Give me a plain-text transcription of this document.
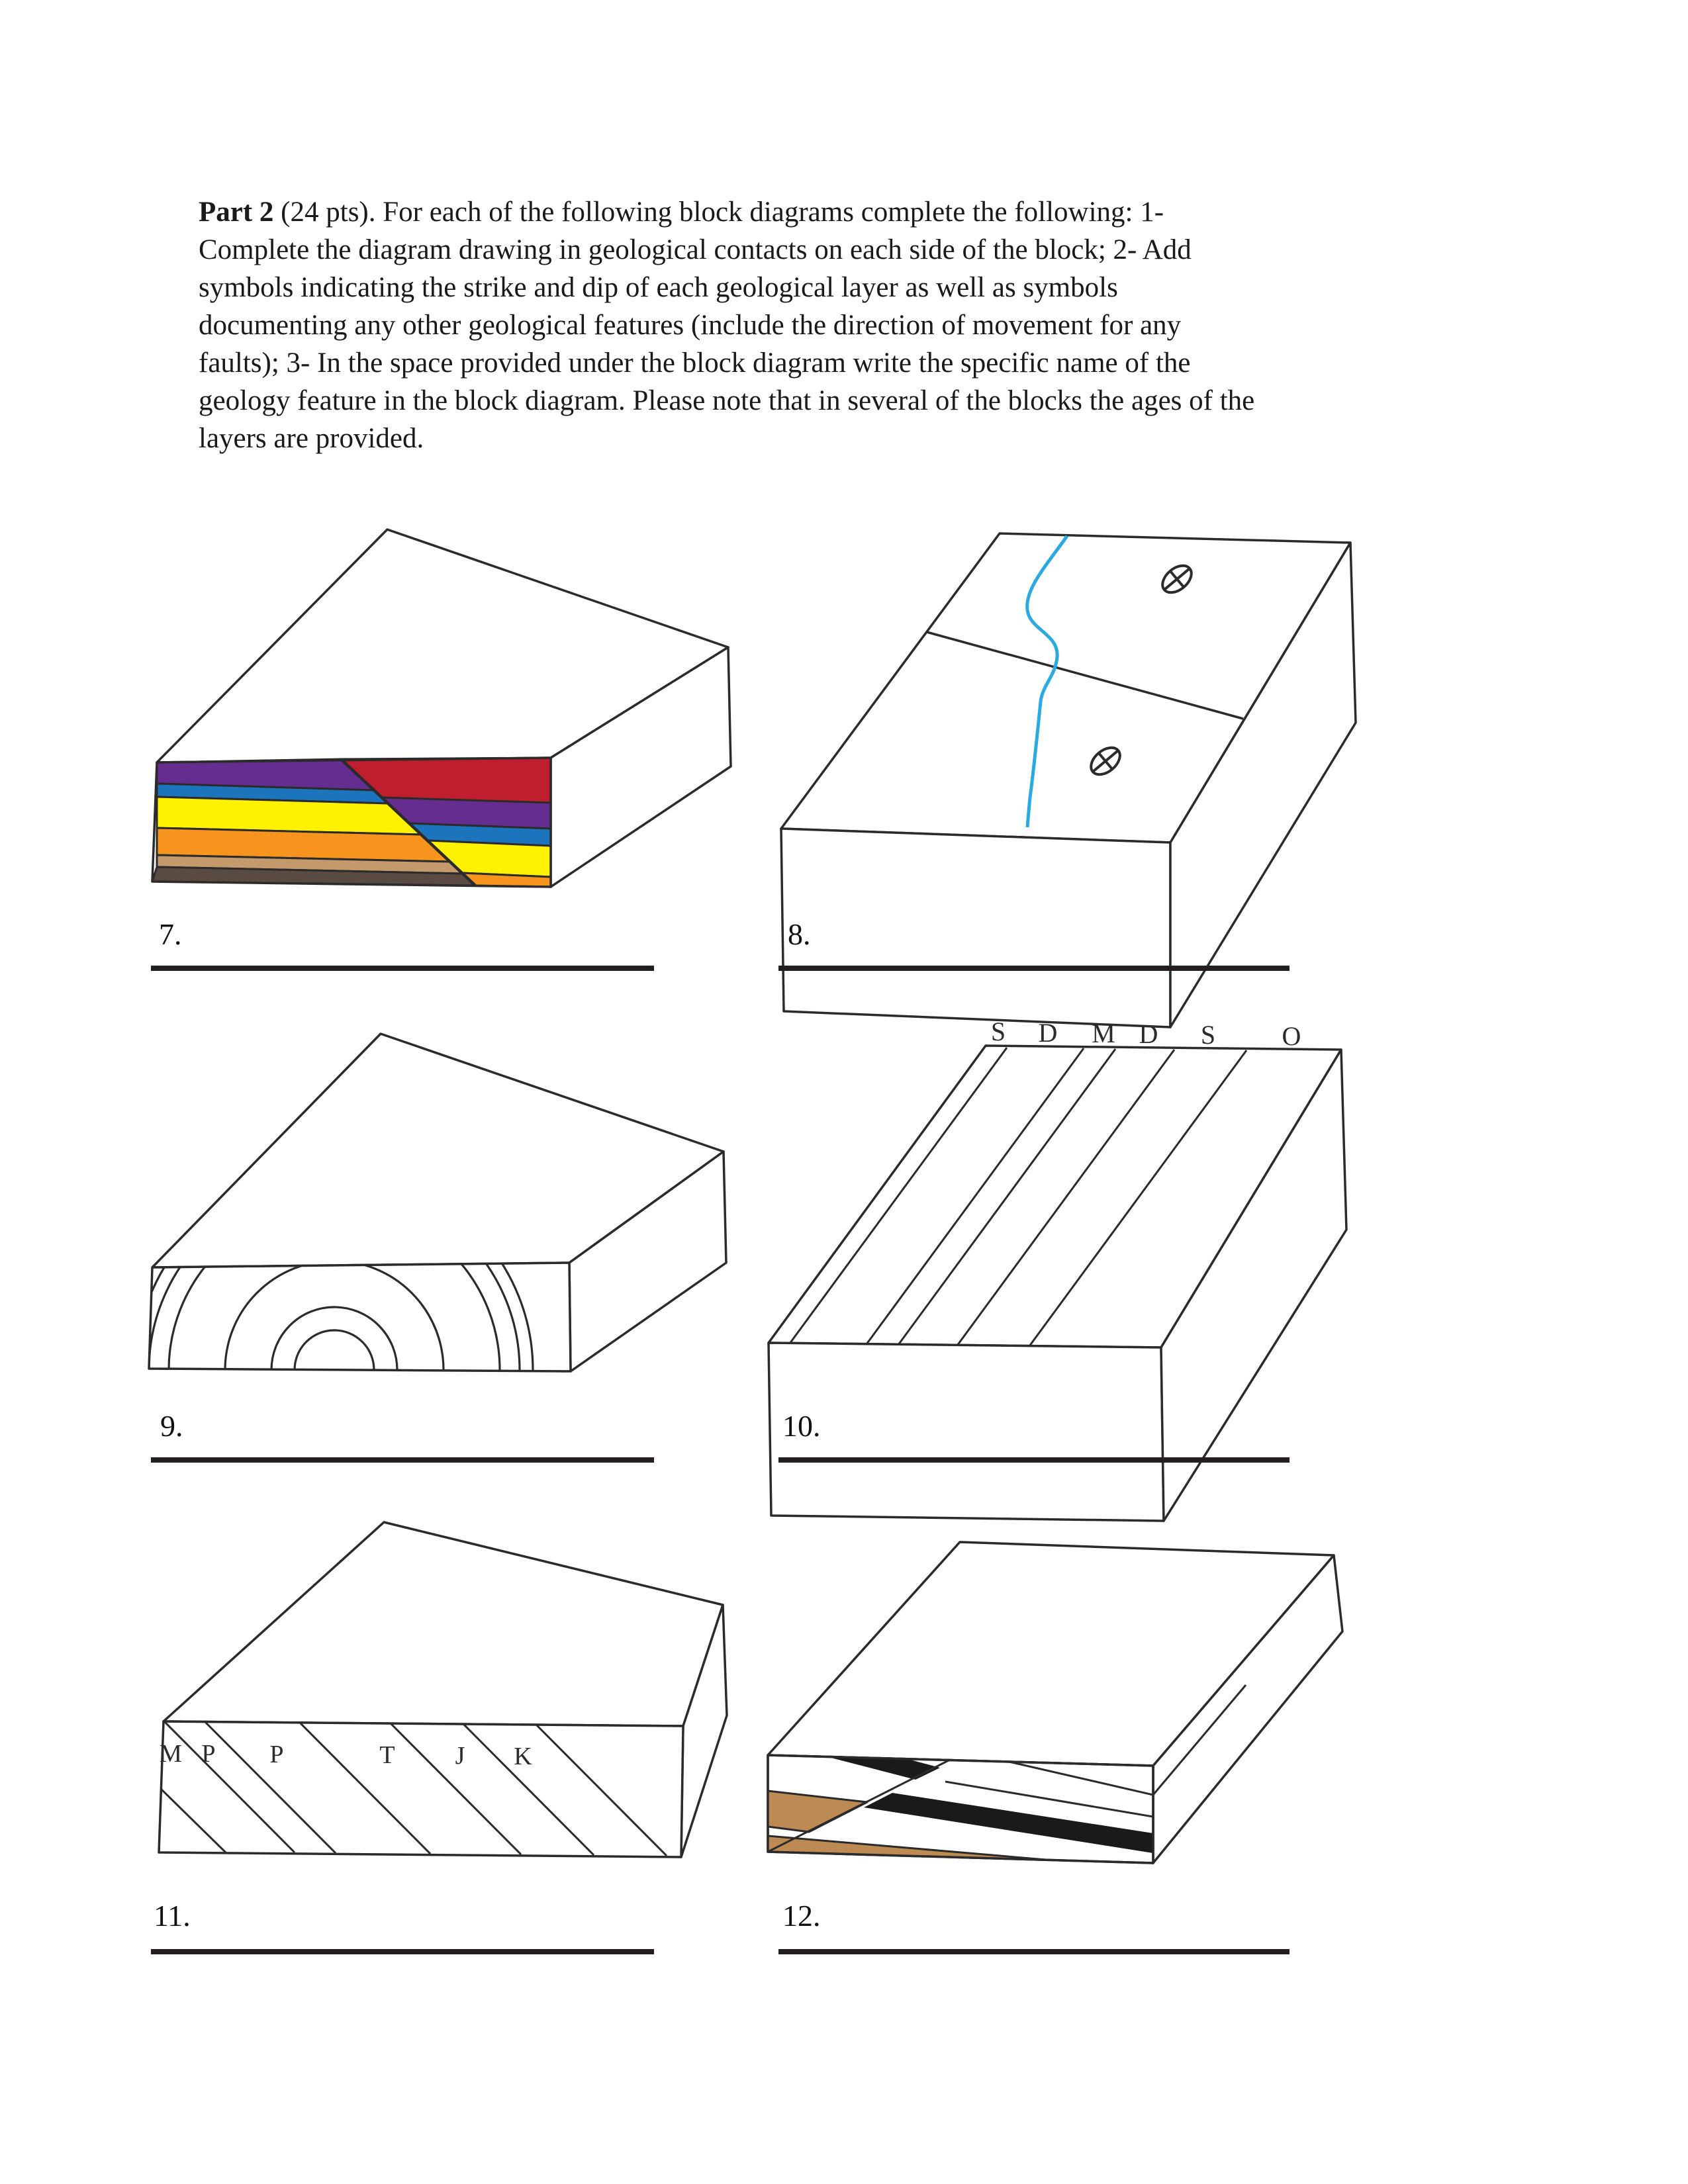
Part 2 (24 pts). For each of the following block diagrams complete the following: 1-
Complete the diagram drawing in geological contacts on each side of the block; 2- Add
symbols indicating the strike and dip of each geological layer as well as symbols
documenting any other geological features (include the direction of movement for any
faults); 3- In the space provided under the block diagram write the specific name of the
geology feature in the block diagram. Please note that in several of the blocks the ages of the
layers are provided.
S D M D S	O
M P P	T J K
7.	8.
9.	10.
11.	12.
